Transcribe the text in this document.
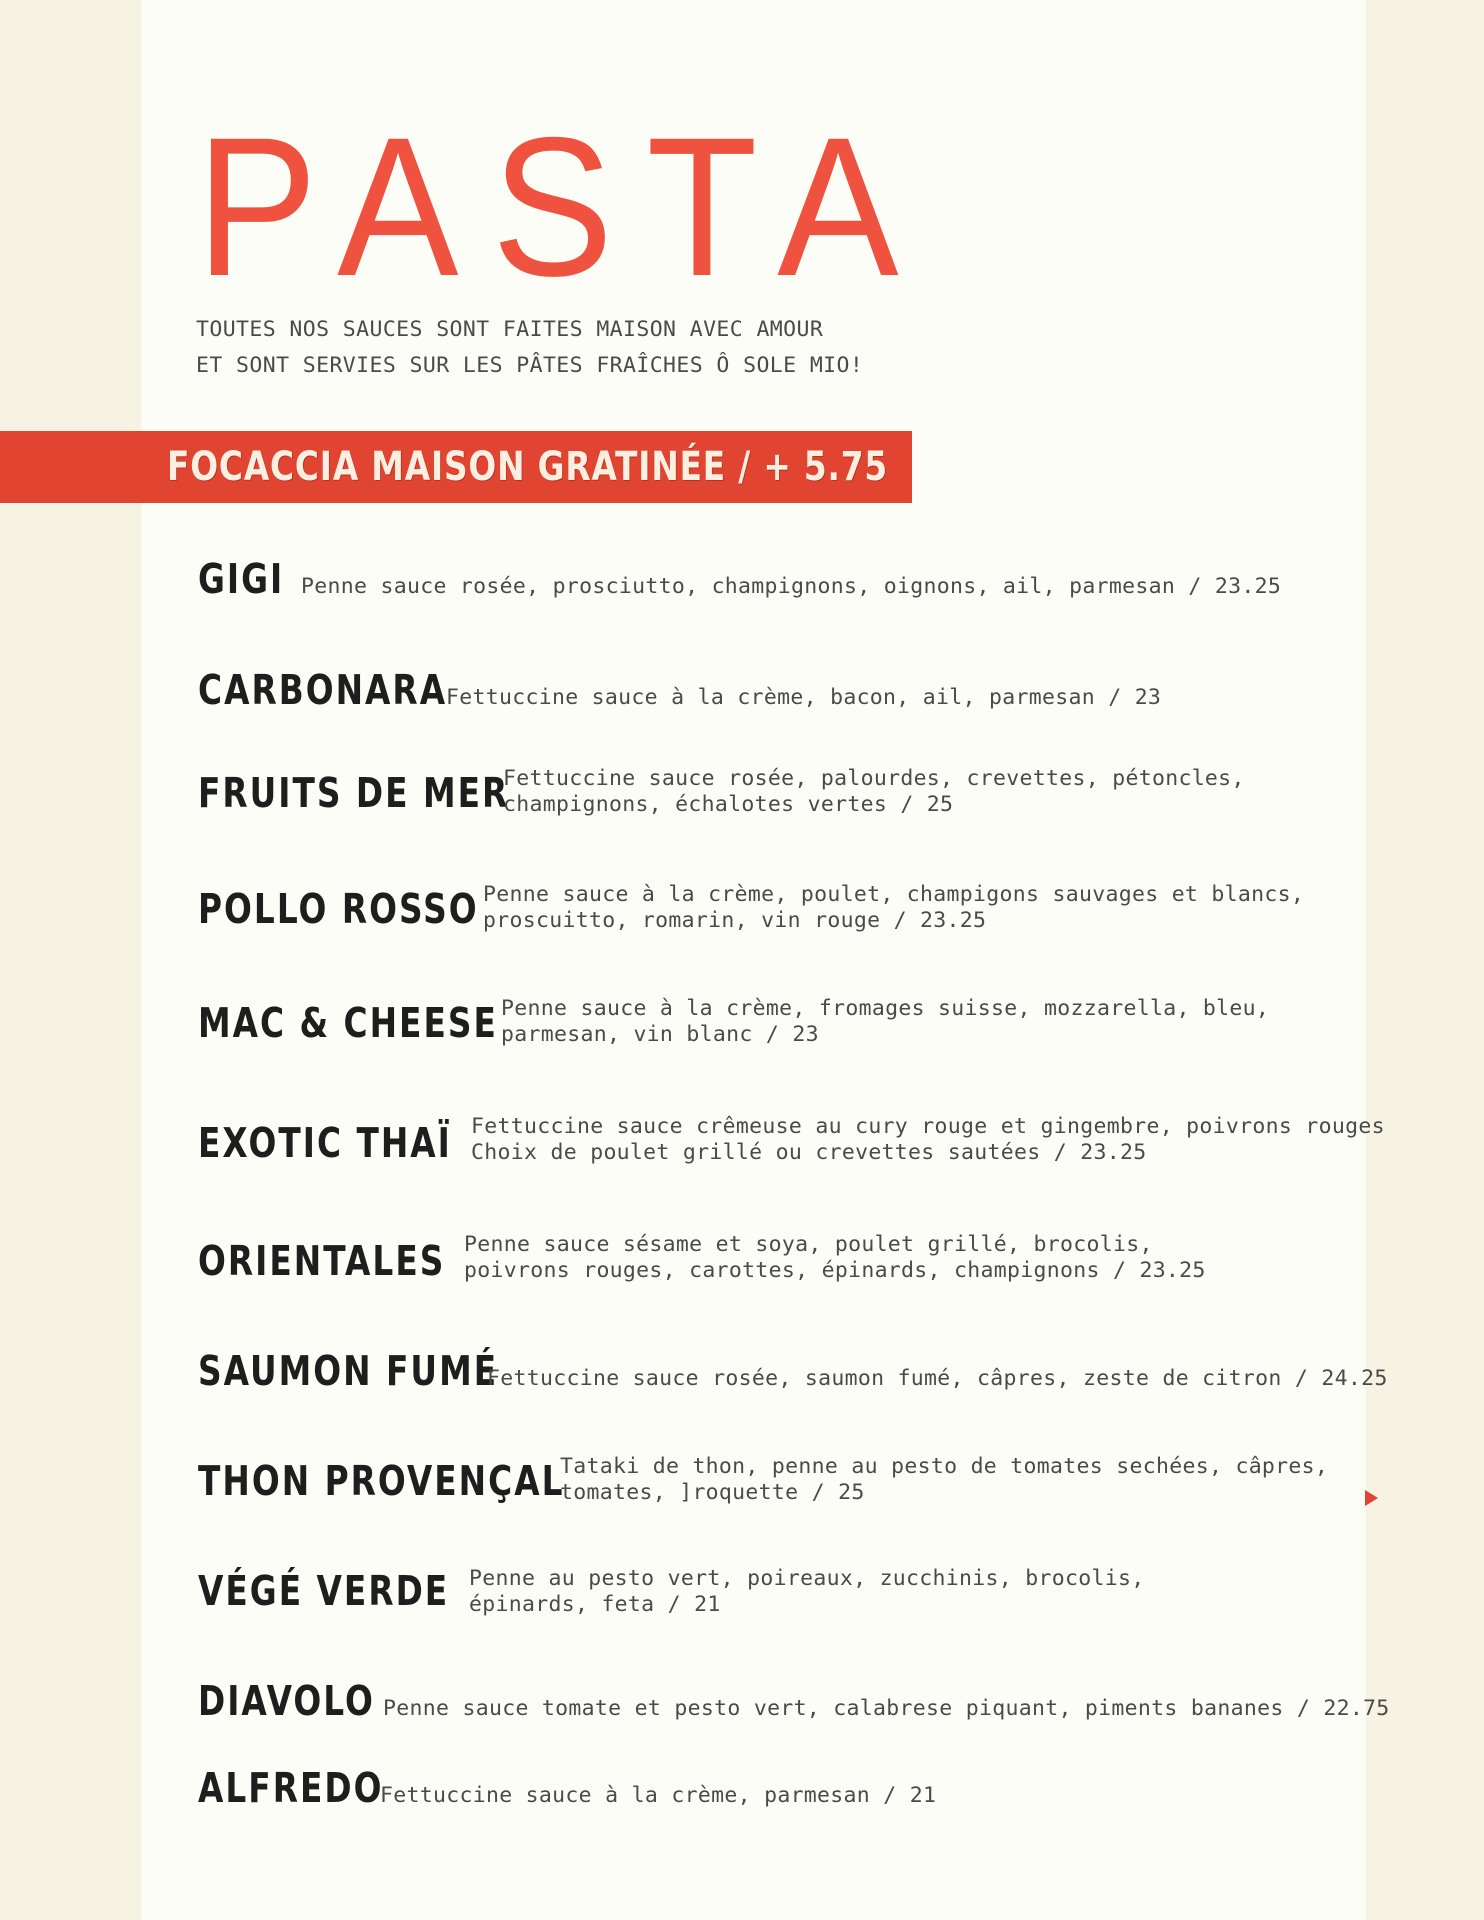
PASTA
TOUTES NOS SAUCES SONT FAITES MAISON AVEC AMOUR
ET SONT SERVIES SUR LES PÂTES FRAÎCHES Ô SOLE MIO!
FOCACCIA MAISON GRATINÉE / + 5.75
GIGI Penne sauce rosée, prosciutto, champignons, oignons, ail, parmesan / 23.25
CARBONARA
Fettuccine sauce à la crème, bacon, ail, parmesan / 23
FRUITS DE MER
Fettuccine sauce rosée, palourdes, crevettes, pétoncles,
champignons, échalotes vertes / 25
POLLO ROSSO Penne sauce à la crème, poulet, champigons sauvages et blancs,
proscuitto, romarin, vin rouge / 23.25
MAC & CHEESE Penne sauce à la crème, fromages suisse, mozzarella, bleu,
parmesan, vin blanc / 23
EXOTIC THAÏ Fettuccine sauce crêmeuse au cury rouge et gingembre, poivrons rouges
Choix de poulet grillé ou crevettes sautées / 23.25
ORIENTALES Penne sauce sésame et soya, poulet grillé, brocolis,
poivrons rouges, carottes, épinards, champignons / 23.25
SAUMON FUMÉ
Fettuccine sauce rosée, saumon fumé, câpres, zeste de citron / 24.25
THON PROVENÇAL
Tataki de thon, penne au pesto de tomates sechées, câpres,
tomates, ]roquette / 25
VÉGÉ VERDE Penne au pesto vert, poireaux, zucchinis, brocolis,
épinards, feta / 21
DIAVOLO Penne sauce tomate et pesto vert, calabrese piquant, piments bananes / 22.75
ALFREDO
Fettuccine sauce à la crème, parmesan / 21
